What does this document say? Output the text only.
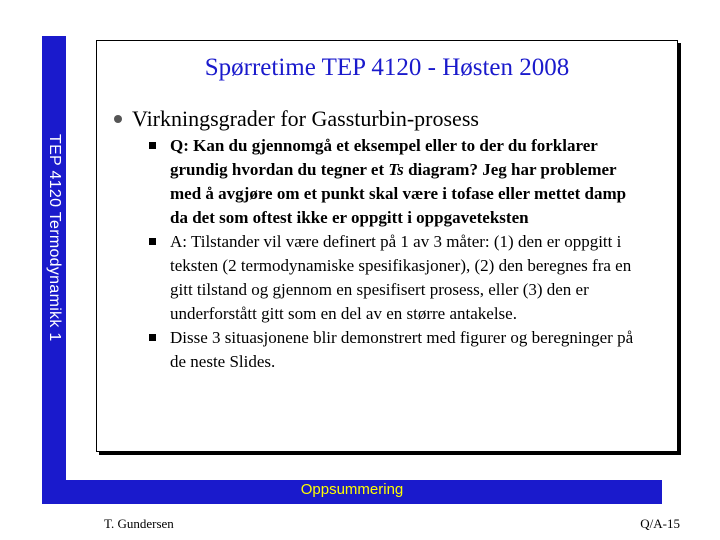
TEP 4120 Termodynamikk 1
Spørretime TEP 4120 - Høsten 2008
Virkningsgrader for Gassturbin-prosess
Q: Kan du gjennomgå et eksempel eller to der du forklarer grundig hvordan du tegner et Ts diagram? Jeg har problemer med å avgjøre om et punkt skal være i tofase eller mettet damp da det som oftest ikke er oppgitt i oppgaveteksten
A: Tilstander vil være definert på 1 av 3 måter: (1) den er oppgitt i teksten (2 termodynamiske spesifikasjoner), (2) den beregnes fra en gitt tilstand og gjennom en spesifisert prosess, eller (3) den er underforstått gitt som en del av en større antakelse.
Disse 3 situasjonene blir demonstrert med figurer og beregninger på de neste Slides.
Oppsummering
T. Gundersen	Q/A-15
